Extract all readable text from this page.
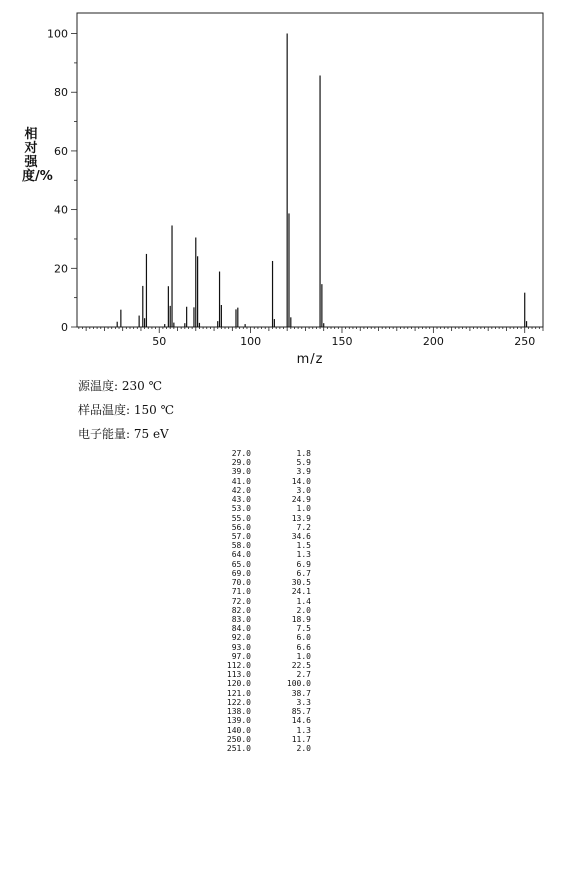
50	100	150	200	250
0
20
40
60
80
100
相对强度/%
m/z
源温度: 230 ℃
样品温度: 150 ℃
电子能量: 75 eV
27.0	1.8
29.0	5.9
39.0	3.9
41.0	14.0
42.0	3.0
43.0	24.9
53.0	1.0
55.0	13.9
56.0	7.2
57.0	34.6
58.0	1.5
64.0	1.3
65.0	6.9
69.0	6.7
70.0	30.5
71.0	24.1
72.0	1.4
82.0	2.0
83.0	18.9
84.0	7.5
92.0	6.0
93.0	6.6
97.0	1.0
112.0	22.5
113.0	2.7
120.0	100.0
121.0	38.7
122.0	3.3
138.0	85.7
139.0	14.6
140.0	1.3
250.0	11.7
251.0	2.0
